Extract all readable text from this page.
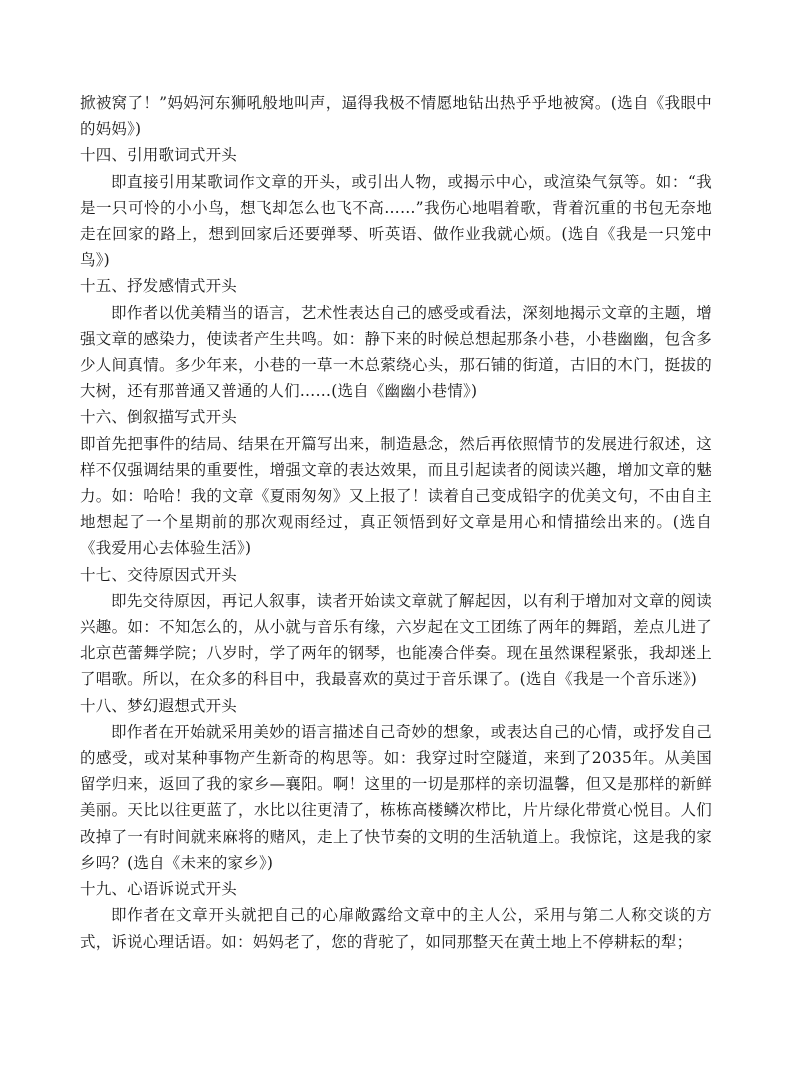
掀被窝了！”妈妈河东狮吼般地叫声，逼得我极不情愿地钻出热乎乎地被窝。(选自《我眼中的妈妈》)

十四、引用歌词式开头

即直接引用某歌词作文章的开头，或引出人物，或揭示中心，或渲染气氛等。如：“我是一只可怜的小小鸟，想飞却怎么也飞不高……”我伤心地唱着歌，背着沉重的书包无奈地走在回家的路上，想到回家后还要弹琴、听英语、做作业我就心烦。(选自《我是一只笼中鸟》)

十五、抒发感情式开头

即作者以优美精当的语言，艺术性表达自己的感受或看法，深刻地揭示文章的主题，增强文章的感染力，使读者产生共鸣。如：静下来的时候总想起那条小巷，小巷幽幽，包含多少人间真情。多少年来，小巷的一草一木总萦绕心头，那石铺的街道，古旧的木门，挺拔的大树，还有那普通又普通的人们……(选自《幽幽小巷情》)

十六、倒叙描写式开头

即首先把事件的结局、结果在开篇写出来，制造悬念，然后再依照情节的发展进行叙述，这样不仅强调结果的重要性，增强文章的表达效果，而且引起读者的阅读兴趣，增加文章的魅力。如：哈哈！我的文章《夏雨匆匆》又上报了！读着自己变成铅字的优美文句，不由自主地想起了一个星期前的那次观雨经过，真正领悟到好文章是用心和情描绘出来的。(选自《我爱用心去体验生活》)

十七、交待原因式开头

即先交待原因，再记人叙事，读者开始读文章就了解起因，以有利于增加对文章的阅读兴趣。如：不知怎么的，从小就与音乐有缘，六岁起在文工团练了两年的舞蹈，差点儿进了北京芭蕾舞学院；八岁时，学了两年的钢琴，也能凑合伴奏。现在虽然课程紧张，我却迷上了唱歌。所以，在众多的科目中，我最喜欢的莫过于音乐课了。(选自《我是一个音乐迷》)

十八、梦幻遐想式开头

即作者在开始就采用美妙的语言描述自己奇妙的想象，或表达自己的心情，或抒发自己的感受，或对某种事物产生新奇的构思等。如：我穿过时空隧道，来到了2035年。从美国留学归来，返回了我的家乡—襄阳。啊！这里的一切是那样的亲切温馨，但又是那样的新鲜美丽。天比以往更蓝了，水比以往更清了，栋栋高楼鳞次栉比，片片绿化带赏心悦目。人们改掉了一有时间就来麻将的赌风，走上了快节奏的文明的生活轨道上。我惊诧，这是我的家乡吗？(选自《未来的家乡》)

十九、心语诉说式开头

即作者在文章开头就把自己的心扉敞露给文章中的主人公，采用与第二人称交谈的方式，诉说心理话语。如：妈妈老了，您的背驼了，如同那整天在黄土地上不停耕耘的犁；
